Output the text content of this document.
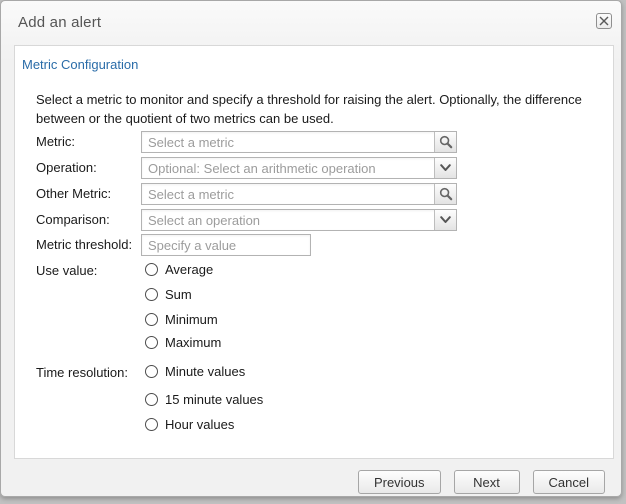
Add an alert
Metric Configuration
Select a metric to monitor and specify a threshold for raising the alert. Optionally, the difference between or the quotient of two metrics can be used.
Metric:
Select a metric
Operation:
Optional: Select an arithmetic operation
Other Metric:
Select a metric
Comparison:
Select an operation
Metric threshold:
Specify a value
Use value:	Average
Sum
Minimum
Maximum
Time resolution:	Minute values
15 minute values
Hour values
Previous	Next	Cancel
